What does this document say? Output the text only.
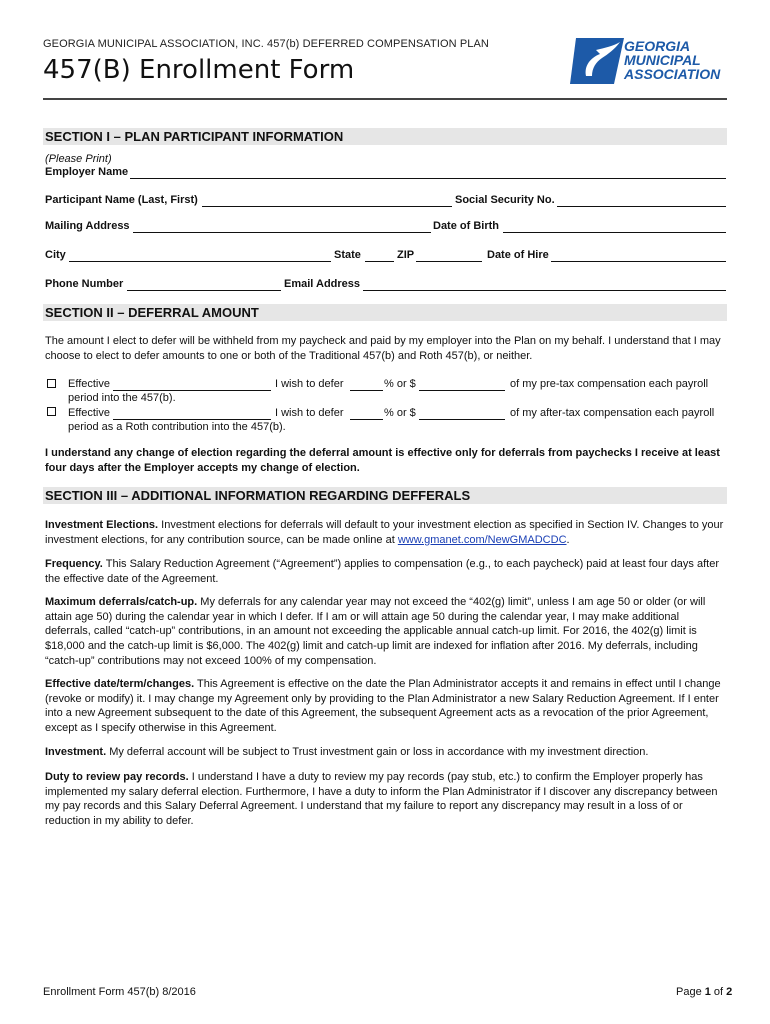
GEORGIA MUNICIPAL ASSOCIATION, INC. 457(b) DEFERRED COMPENSATION PLAN
457(B) Enrollment Form
GEORGIA
MUNICIPAL
ASSOCIATION
SECTION I – PLAN PARTICIPANT INFORMATION
(Please Print)
Employer Name
Participant Name (Last, First)	Social Security No.
Mailing Address	Date of Birth
City	State	ZIP	Date of Hire
Phone Number	Email Address
SECTION II – DEFERRAL AMOUNT
The amount I elect to defer will be withheld from my paycheck and paid by my employer into the Plan on my behalf. I understand that I may choose to elect to defer amounts to one or both of the Traditional 457(b) and Roth 457(b), or neither.
Effective	I wish to defer	% or $	of my pre-tax compensation each payroll
period into the 457(b).
Effective	I wish to defer	% or $	of my after-tax compensation each payroll
period as a Roth contribution into the 457(b).
I understand any change of election regarding the deferral amount is effective only for deferrals from paychecks I receive at least four days after the Employer accepts my change of election.
SECTION III – ADDITIONAL INFORMATION REGARDING DEFFERALS
Investment Elections. Investment elections for deferrals will default to your investment election as specified in Section IV. Changes to your investment elections, for any contribution source, can be made online at www.gmanet.com/NewGMADCDC.
Frequency. This Salary Reduction Agreement (“Agreement”) applies to compensation (e.g., to each paycheck) paid at least four days after the effective date of the Agreement.
Maximum deferrals/catch-up. My deferrals for any calendar year may not exceed the “402(g) limit”, unless I am age 50 or older (or will attain age 50) during the calendar year in which I defer. If I am or will attain age 50 during the calendar year, I may make additional deferrals, called “catch-up” contributions, in an amount not exceeding the applicable annual catch-up limit. For 2016, the 402(g) limit is $18,000 and the catch-up limit is $6,000. The 402(g) limit and catch-up limit are indexed for inflation after 2016. My deferrals, including “catch-up” contributions may not exceed 100% of my compensation.
Effective date/term/changes. This Agreement is effective on the date the Plan Administrator accepts it and remains in effect until I change (revoke or modify) it. I may change my Agreement only by providing to the Plan Administrator a new Salary Reduction Agreement. If I enter into a new Agreement subsequent to the date of this Agreement, the subsequent Agreement acts as a revocation of the prior Agreement, except as I specify otherwise in this Agreement.
Investment. My deferral account will be subject to Trust investment gain or loss in accordance with my investment direction.
Duty to review pay records. I understand I have a duty to review my pay records (pay stub, etc.) to confirm the Employer properly has implemented my salary deferral election. Furthermore, I have a duty to inform the Plan Administrator if I discover any discrepancy between my pay records and this Salary Deferral Agreement. I understand that my failure to report any discrepancy may result in a loss of or reduction in my ability to defer.
Enrollment Form 457(b) 8/2016	Page 1 of 2
